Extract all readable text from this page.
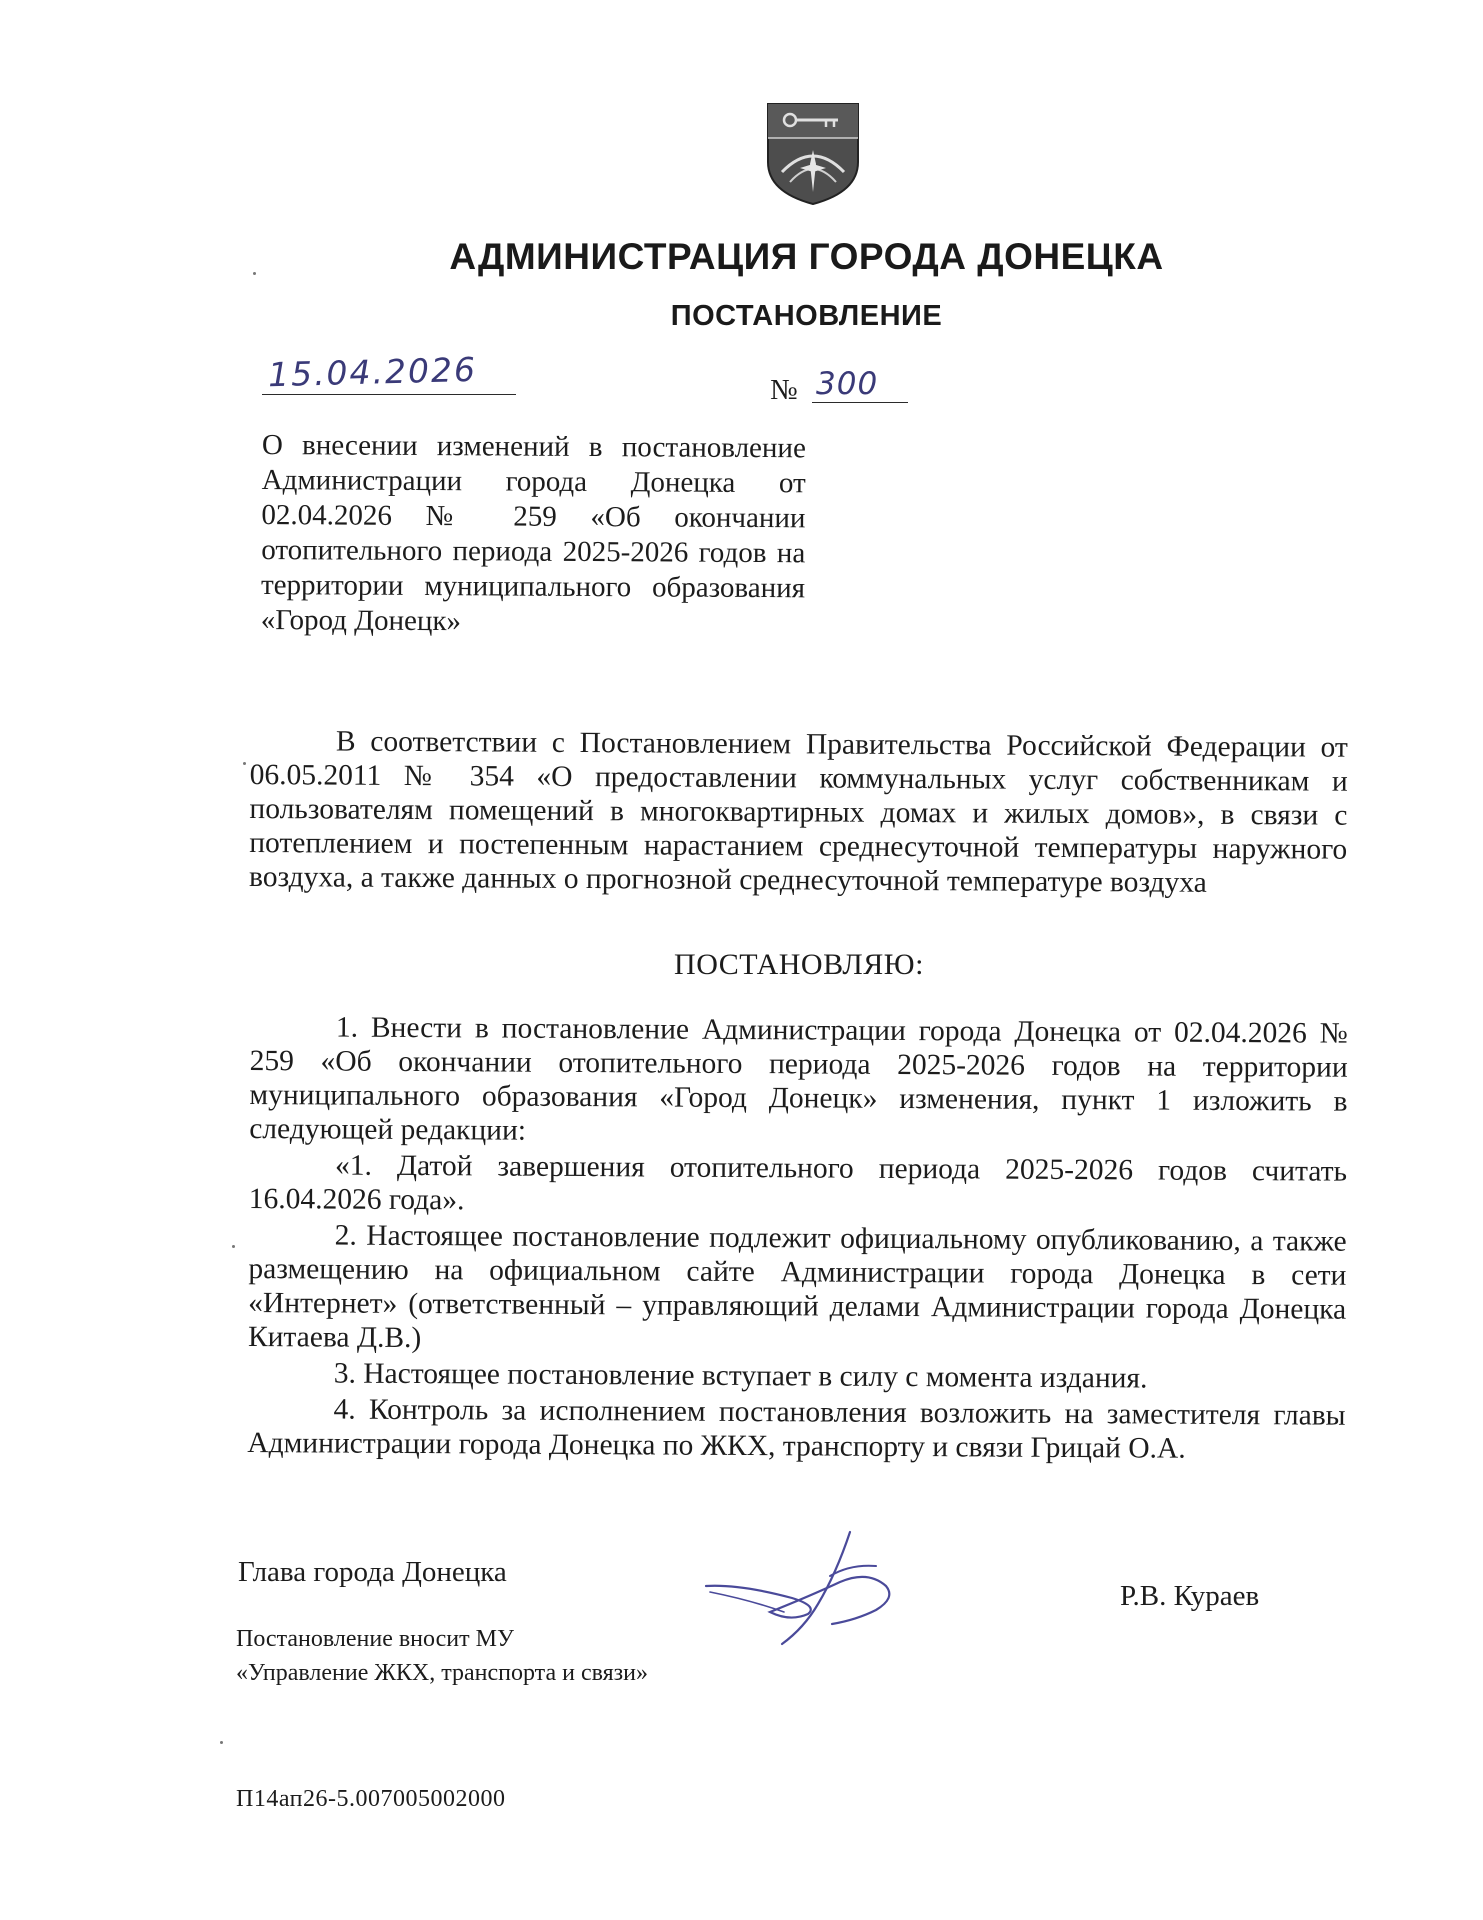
АДМИНИСТРАЦИЯ ГОРОДА ДОНЕЦКА
ПОСТАНОВЛЕНИЕ
15.04.2026	№ 300
О внесении изменений в постановление Администрации города Донецка от 02.04.2026 № 259 «Об окончании отопительного периода 2025-2026 годов на территории муниципального образования «Город Донецк»

В соответствии с Постановлением Правительства Российской Федерации от 06.05.2011 № 354 «О предоставлении коммунальных услуг собственникам и пользователям помещений в многоквартирных домах и жилых домов», в связи с потеплением и постепенным нарастанием среднесуточной температуры наружного воздуха, а также данных о прогнозной среднесуточной температуре воздуха

ПОСТАНОВЛЯЮ:

1. Внести в постановление Администрации города Донецка от 02.04.2026 № 259 «Об окончании отопительного периода 2025-2026 годов на территории муниципального образования «Город Донецк» изменения, пункт 1 изложить в следующей редакции:

«1. Датой завершения отопительного периода 2025-2026 годов считать 16.04.2026 года».

2. Настоящее постановление подлежит официальному опубликованию, а также размещению на официальном сайте Администрации города Донецка в сети «Интернет» (ответственный – управляющий делами Администрации города Донецка Китаева Д.В.)

3. Настоящее постановление вступает в силу с момента издания.

4. Контроль за исполнением постановления возложить на заместителя главы Администрации города Донецка по ЖКХ, транспорту и связи Грицай О.А.

Глава города Донецка
Р.В. Кураев
Постановление вносит МУ
«Управление ЖКХ, транспорта и связи»
П14ап26-5.007005002000
